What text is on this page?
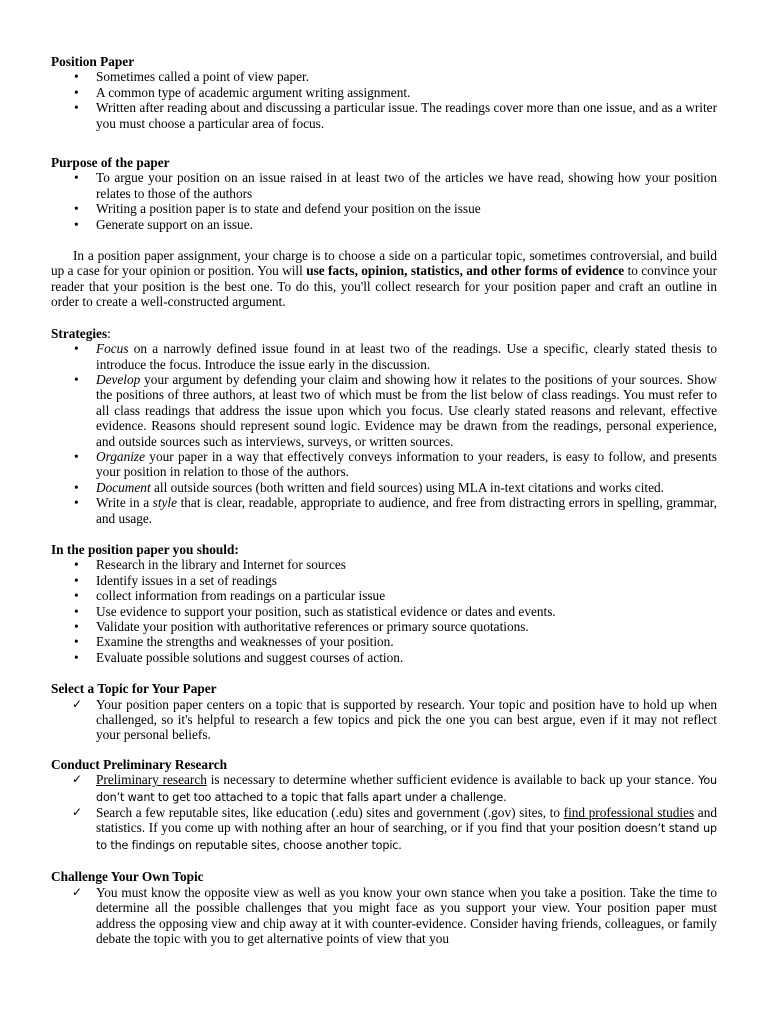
Position Paper

• Sometimes called a point of view paper.
• A common type of academic argument writing assignment.
• Written after reading about and discussing a particular issue. The readings cover more than one issue, and as a writer you must choose a particular area of focus.

Purpose of the paper

• To argue your position on an issue raised in at least two of the articles we have read, showing how your position relates to those of the authors
• Writing a position paper is to state and defend your position on the issue
• Generate support on an issue.

In a position paper assignment, your charge is to choose a side on a particular topic, sometimes controversial, and build up a case for your opinion or position. You will use facts, opinion, statistics, and other forms of evidence to convince your reader that your position is the best one. To do this, you'll collect research for your position paper and craft an outline in order to create a well-constructed argument.

Strategies:

• Focus on a narrowly defined issue found in at least two of the readings. Use a specific, clearly stated thesis to introduce the focus. Introduce the issue early in the discussion.
• Develop your argument by defending your claim and showing how it relates to the positions of your sources. Show the positions of three authors, at least two of which must be from the list below of class readings. You must refer to all class readings that address the issue upon which you focus. Use clearly stated reasons and relevant, effective evidence. Reasons should represent sound logic. Evidence may be drawn from the readings, personal experience, and outside sources such as interviews, surveys, or written sources.
• Organize your paper in a way that effectively conveys information to your readers, is easy to follow, and presents your position in relation to those of the authors.
• Document all outside sources (both written and field sources) using MLA in-text citations and works cited.
• Write in a style that is clear, readable, appropriate to audience, and free from distracting errors in spelling, grammar, and usage.

In the position paper you should:

• Research in the library and Internet for sources
• Identify issues in a set of readings
• collect information from readings on a particular issue
• Use evidence to support your position, such as statistical evidence or dates and events.
• Validate your position with authoritative references or primary source quotations.
• Examine the strengths and weaknesses of your position.
• Evaluate possible solutions and suggest courses of action.

Select a Topic for Your Paper

✓ Your position paper centers on a topic that is supported by research. Your topic and position have to hold up when challenged, so it's helpful to research a few topics and pick the one you can best argue, even if it may not reflect your personal beliefs.

Conduct Preliminary Research

✓ Preliminary research is necessary to determine whether sufficient evidence is available to back up your stance. You don’t want to get too attached to a topic that falls apart under a challenge.
✓ Search a few reputable sites, like education (.edu) sites and government (.gov) sites, to find professional studies and statistics. If you come up with nothing after an hour of searching, or if you find that your position doesn’t stand up to the findings on reputable sites, choose another topic.

Challenge Your Own Topic

✓ You must know the opposite view as well as you know your own stance when you take a position. Take the time to determine all the possible challenges that you might face as you support your view. Your position paper must address the opposing view and chip away at it with counter-evidence. Consider having friends, colleagues, or family debate the topic with you to get alternative points of view that you
